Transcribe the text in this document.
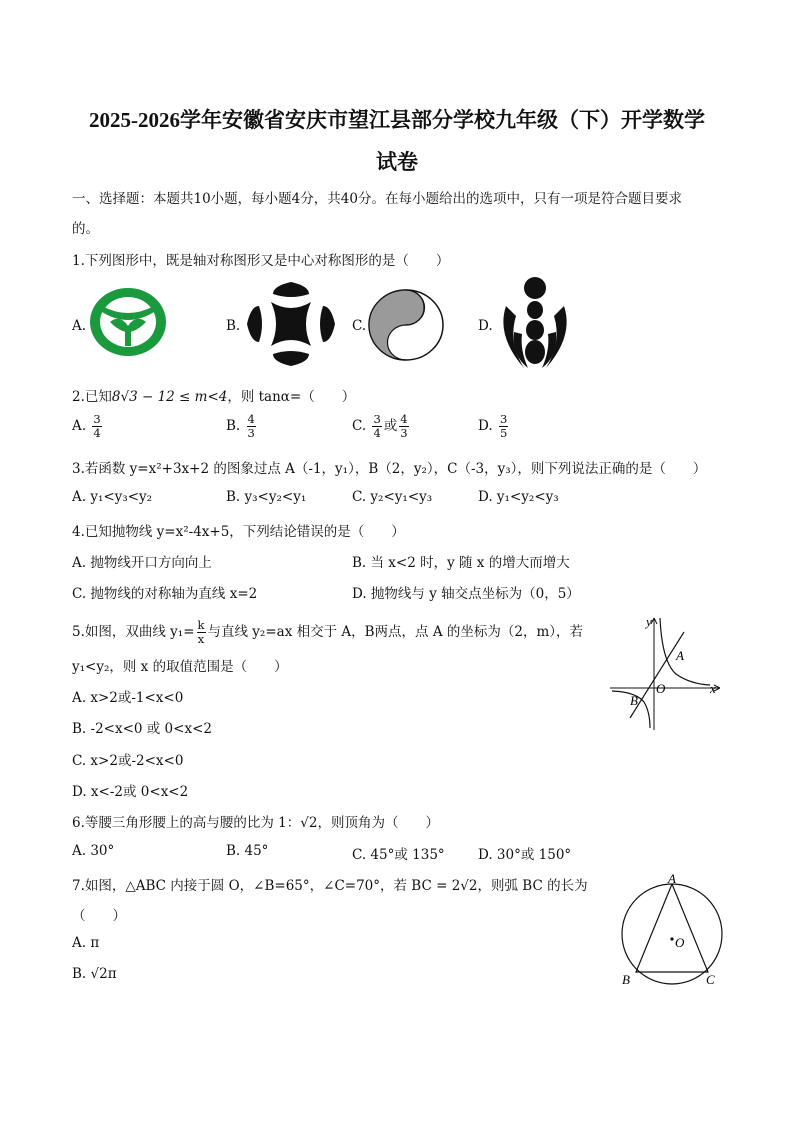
2025-2026学年安徽省安庆市望江县部分学校九年级（下）开学数学
试卷
一、选择题：本题共10小题，每小题4分，共40分。在每小题给出的选项中，只有一项是符合题目要求
的。
1.下列图形中，既是轴对称图形又是中心对称图形的是（　　）
A.	B.	C.	D.
2.已知8√3 − 12 ≤ m<4，则 tanα=（　　）
A. $\frac{3}{4}$	B. $\frac{4}{3}$	C. $\frac{3}{4}$ 或 $\frac{4}{3}$	D. $\frac{3}{5}$
3.若函数 y=x²+3x+2 的图象过点 A（-1，y₁），B（2，y₂），C（-3，y₃），则下列说法正确的是（　　）
A. y₁<y₃<y₂	B. y₃<y₂<y₁	C. y₂<y₁<y₃	D. y₁<y₂<y₃
4.已知抛物线 y=x²-4x+5，下列结论错误的是（　　）
A. 抛物线开口方向向上	B. 当 x<2 时，y 随 x 的增大而增大
C. 抛物线的对称轴为直线 x=2	D. 抛物线与 y 轴交点坐标为（0，5）
5.如图，双曲线 $y_1= \frac{k}{x}$ 与直线 y₂=ax 相交于 A，B两点，点 A 的坐标为（2，m），若
y₁<y₂，则 x 的取值范围是（　　）
A. x>2或-1<x<0
B. -2<x<0 或 0<x<2
C. x>2或-2<x<0
D. x<-2或 0<x<2
y
x
O
A
B
6.等腰三角形腰上的高与腰的比为 1：√2，则顶角为（　　）
A. 30°	B. 45°	C. 45°或 135° D. 30°或 150°
7.如图，△ABC 内接于圆 O，∠B=65°，∠C=70°，若 BC = 2√2，则弧 BC 的长为
（　　）
A. π
B. √2π
A
B	C
O
